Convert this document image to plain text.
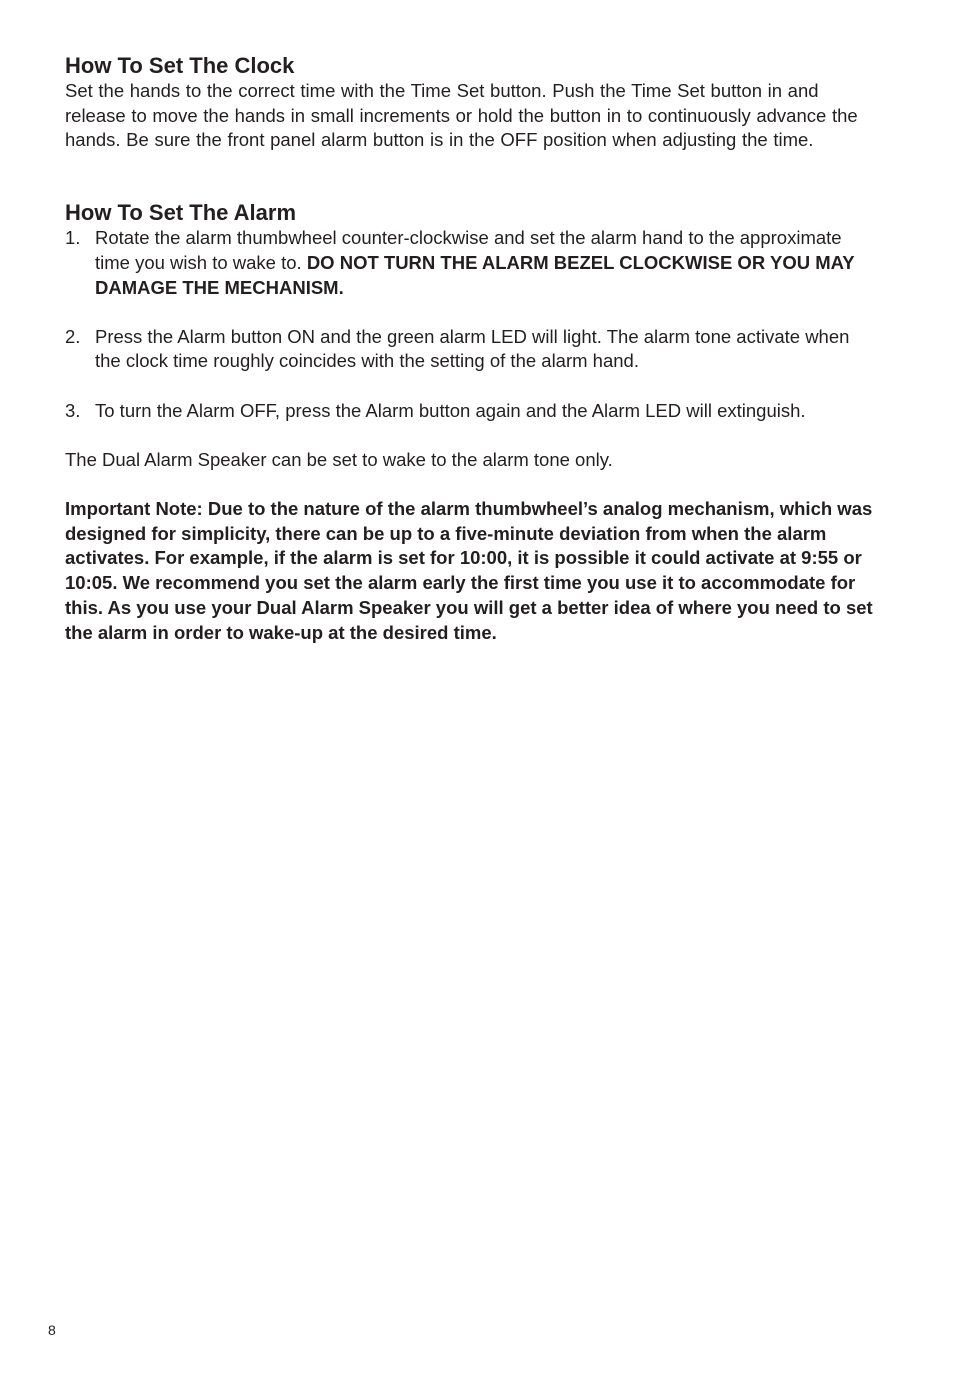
How To Set The Clock

Set the hands to the correct time with the Time Set button. Push the Time Set button in and release to move the hands in small increments or hold the button in to continuously advance the hands. Be sure the front panel alarm button is in the OFF position when adjusting the time.

How To Set The Alarm
1. Rotate the alarm thumbwheel counter-clockwise and set the alarm hand to the approximate time you wish to wake to. DO NOT TURN THE ALARM BEZEL CLOCKWISE OR YOU MAY DAMAGE THE MECHANISM.
2. Press the Alarm button ON and the green alarm LED will light. The alarm tone activate when the clock time roughly coincides with the setting of the alarm hand.
3. To turn the Alarm OFF, press the Alarm button again and the Alarm LED will extinguish.

The Dual Alarm Speaker can be set to wake to the alarm tone only.

Important Note: Due to the nature of the alarm thumbwheel’s analog mechanism, which was designed for simplicity, there can be up to a five-minute deviation from when the alarm activates. For example, if the alarm is set for 10:00, it is possible it could activate at 9:55 or 10:05. We recommend you set the alarm early the first time you use it to accommodate for this. As you use your Dual Alarm Speaker you will get a better idea of where you need to set the alarm in order to wake-up at the desired time.

8
